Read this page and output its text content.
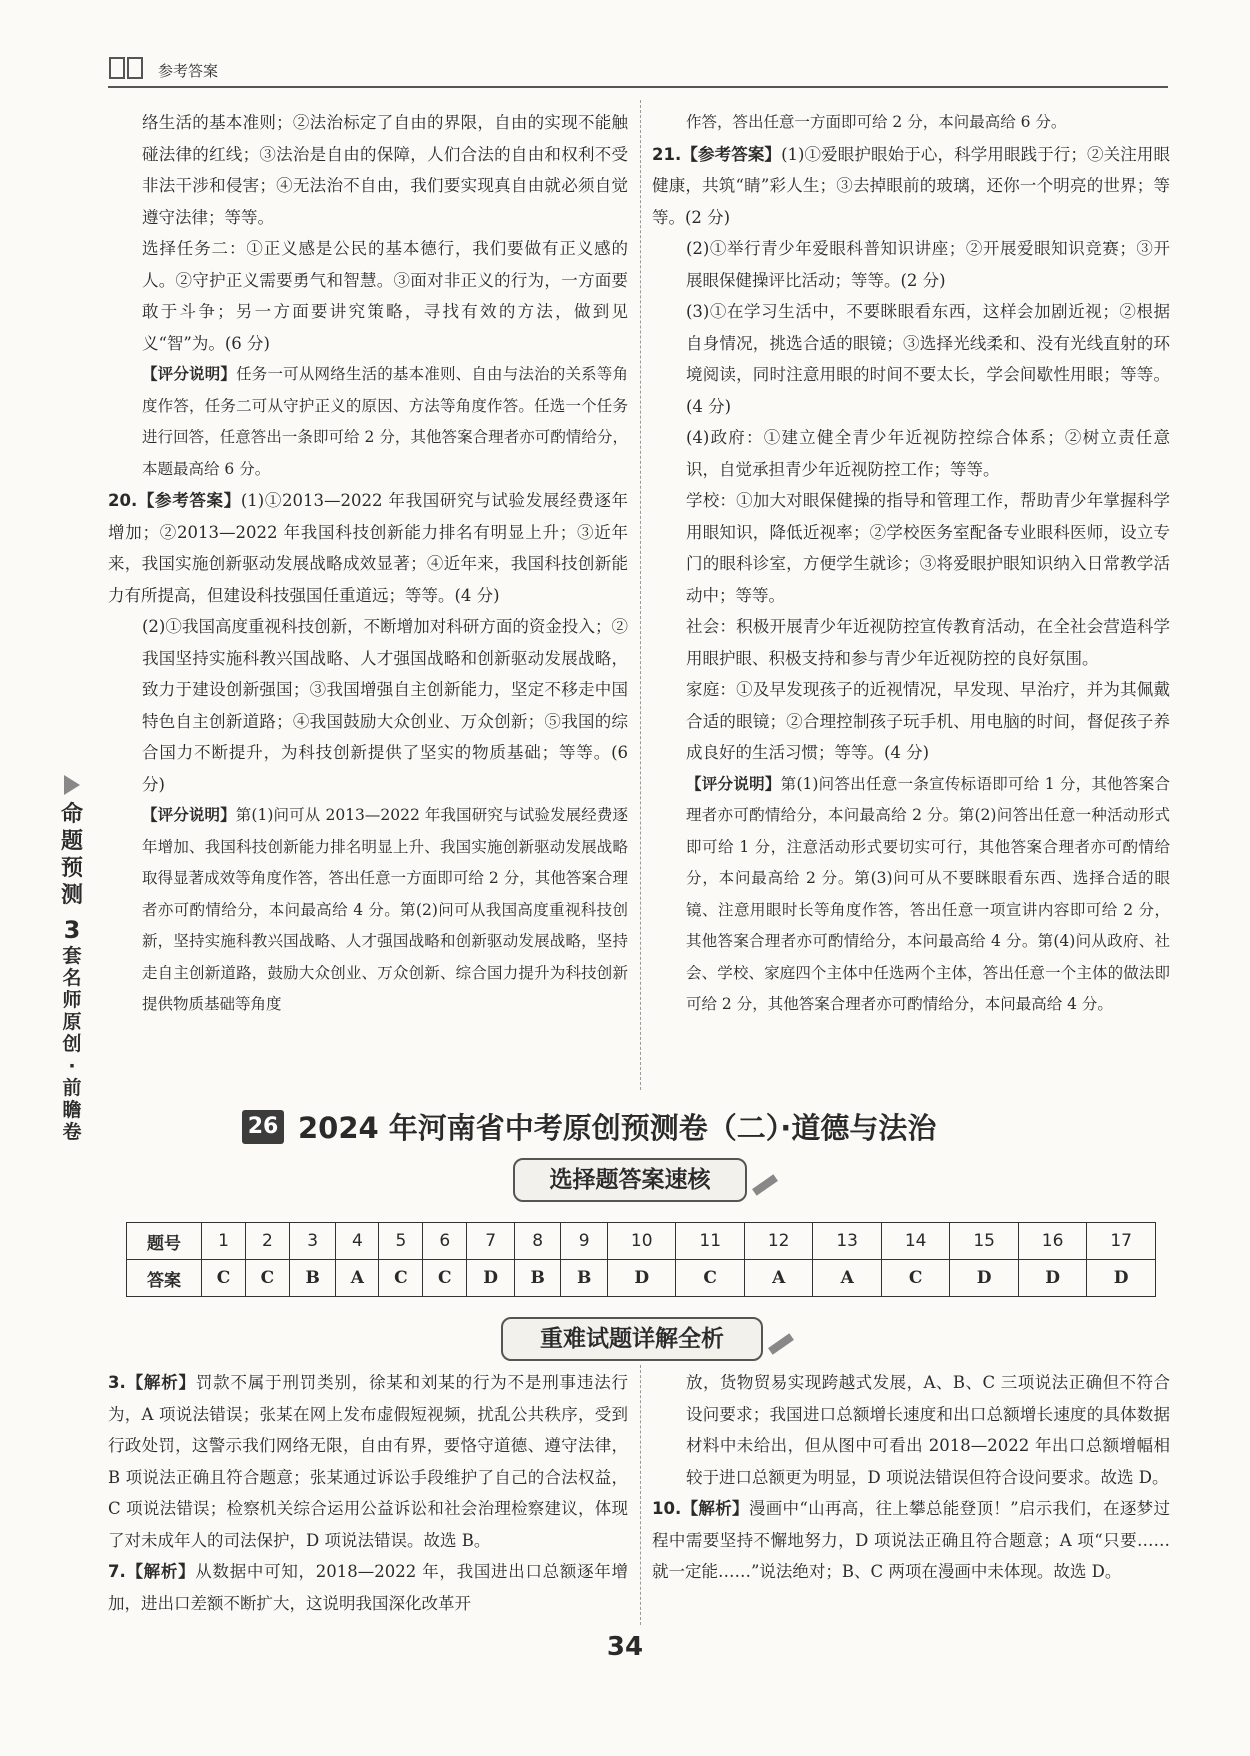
参考答案
命
题
预
测
3
套
名
师
原
创
·
前
瞻
卷

络生活的基本准则；②法治标定了自由的界限，自由的实现不能触碰法律的红线；③法治是自由的保障，人们合法的自由和权利不受非法干涉和侵害；④无法治不自由，我们要实现真自由就必须自觉遵守法律；等等。

选择任务二：①正义感是公民的基本德行，我们要做有正义感的人。②守护正义需要勇气和智慧。③面对非正义的行为，一方面要敢于斗争；另一方面要讲究策略，寻找有效的方法，做到见义“智”为。(6 分)

【评分说明】任务一可从网络生活的基本准则、自由与法治的关系等角度作答，任务二可从守护正义的原因、方法等角度作答。任选一个任务进行回答，任意答出一条即可给 2 分，其他答案合理者亦可酌情给分，本题最高给 6 分。

20.【参考答案】(1)①2013—2022 年我国研究与试验发展经费逐年增加；②2013—2022 年我国科技创新能力排名有明显上升；③近年来，我国实施创新驱动发展战略成效显著；④近年来，我国科技创新能力有所提高，但建设科技强国任重道远；等等。(4 分)

(2)①我国高度重视科技创新，不断增加对科研方面的资金投入；②我国坚持实施科教兴国战略、人才强国战略和创新驱动发展战略，致力于建设创新强国；③我国增强自主创新能力，坚定不移走中国特色自主创新道路；④我国鼓励大众创业、万众创新；⑤我国的综合国力不断提升，为科技创新提供了坚实的物质基础；等等。(6 分)

【评分说明】第(1)问可从 2013—2022 年我国研究与试验发展经费逐年增加、我国科技创新能力排名明显上升、我国实施创新驱动发展战略取得显著成效等角度作答，答出任意一方面即可给 2 分，其他答案合理者亦可酌情给分，本问最高给 4 分。第(2)问可从我国高度重视科技创新，坚持实施科教兴国战略、人才强国战略和创新驱动发展战略，坚持走自主创新道路，鼓励大众创业、万众创新、综合国力提升为科技创新提供物质基础等角度

作答，答出任意一方面即可给 2 分，本问最高给 6 分。

21.【参考答案】(1)①爱眼护眼始于心，科学用眼践于行；②关注用眼健康，共筑“睛”彩人生；③去掉眼前的玻璃，还你一个明亮的世界；等等。(2 分)

(2)①举行青少年爱眼科普知识讲座；②开展爱眼知识竞赛；③开展眼保健操评比活动；等等。(2 分)

(3)①在学习生活中，不要眯眼看东西，这样会加剧近视；②根据自身情况，挑选合适的眼镜；③选择光线柔和、没有光线直射的环境阅读，同时注意用眼的时间不要太长，学会间歇性用眼；等等。(4 分)

(4)政府：①建立健全青少年近视防控综合体系；②树立责任意识，自觉承担青少年近视防控工作；等等。

学校：①加大对眼保健操的指导和管理工作，帮助青少年掌握科学用眼知识，降低近视率；②学校医务室配备专业眼科医师，设立专门的眼科诊室，方便学生就诊；③将爱眼护眼知识纳入日常教学活动中；等等。

社会：积极开展青少年近视防控宣传教育活动，在全社会营造科学用眼护眼、积极支持和参与青少年近视防控的良好氛围。

家庭：①及早发现孩子的近视情况，早发现、早治疗，并为其佩戴合适的眼镜；②合理控制孩子玩手机、用电脑的时间，督促孩子养成良好的生活习惯；等等。(4 分)

【评分说明】第(1)问答出任意一条宣传标语即可给 1 分，其他答案合理者亦可酌情给分，本问最高给 2 分。第(2)问答出任意一种活动形式即可给 1 分，注意活动形式要切实可行，其他答案合理者亦可酌情给分，本问最高给 2 分。第(3)问可从不要眯眼看东西、选择合适的眼镜、注意用眼时长等角度作答，答出任意一项宣讲内容即可给 2 分，其他答案合理者亦可酌情给分，本问最高给 4 分。第(4)问从政府、社会、学校、家庭四个主体中任选两个主体，答出任意一个主体的做法即可给 2 分，其他答案合理者亦可酌情给分，本问最高给 4 分。

26 2024 年河南省中考原创预测卷（二）·道德与法治
选择题答案速核
题号	1	2	3	4	5	6	7	8	9	10	11	12	13	14	15	16	17
答案	C	C	B	A	C	C	D	B	B	D	C	A	A	C	D	D	D
重难试题详解全析

3.【解析】罚款不属于刑罚类别，徐某和刘某的行为不是刑事违法行为，A 项说法错误；张某在网上发布虚假短视频，扰乱公共秩序，受到行政处罚，这警示我们网络无限，自由有界，要恪守道德、遵守法律，B 项说法正确且符合题意；张某通过诉讼手段维护了自己的合法权益，C 项说法错误；检察机关综合运用公益诉讼和社会治理检察建议，体现了对未成年人的司法保护，D 项说法错误。故选 B。

7.【解析】从数据中可知，2018—2022 年，我国进出口总额逐年增加，进出口差额不断扩大，这说明我国深化改革开

放，货物贸易实现跨越式发展，A、B、C 三项说法正确但不符合设问要求；我国进口总额增长速度和出口总额增长速度的具体数据材料中未给出，但从图中可看出 2018—2022 年出口总额增幅相较于进口总额更为明显，D 项说法错误但符合设问要求。故选 D。

10.【解析】漫画中“山再高，往上攀总能登顶！”启示我们，在逐梦过程中需要坚持不懈地努力，D 项说法正确且符合题意；A 项“只要……就一定能……”说法绝对；B、C 两项在漫画中未体现。故选 D。

34
